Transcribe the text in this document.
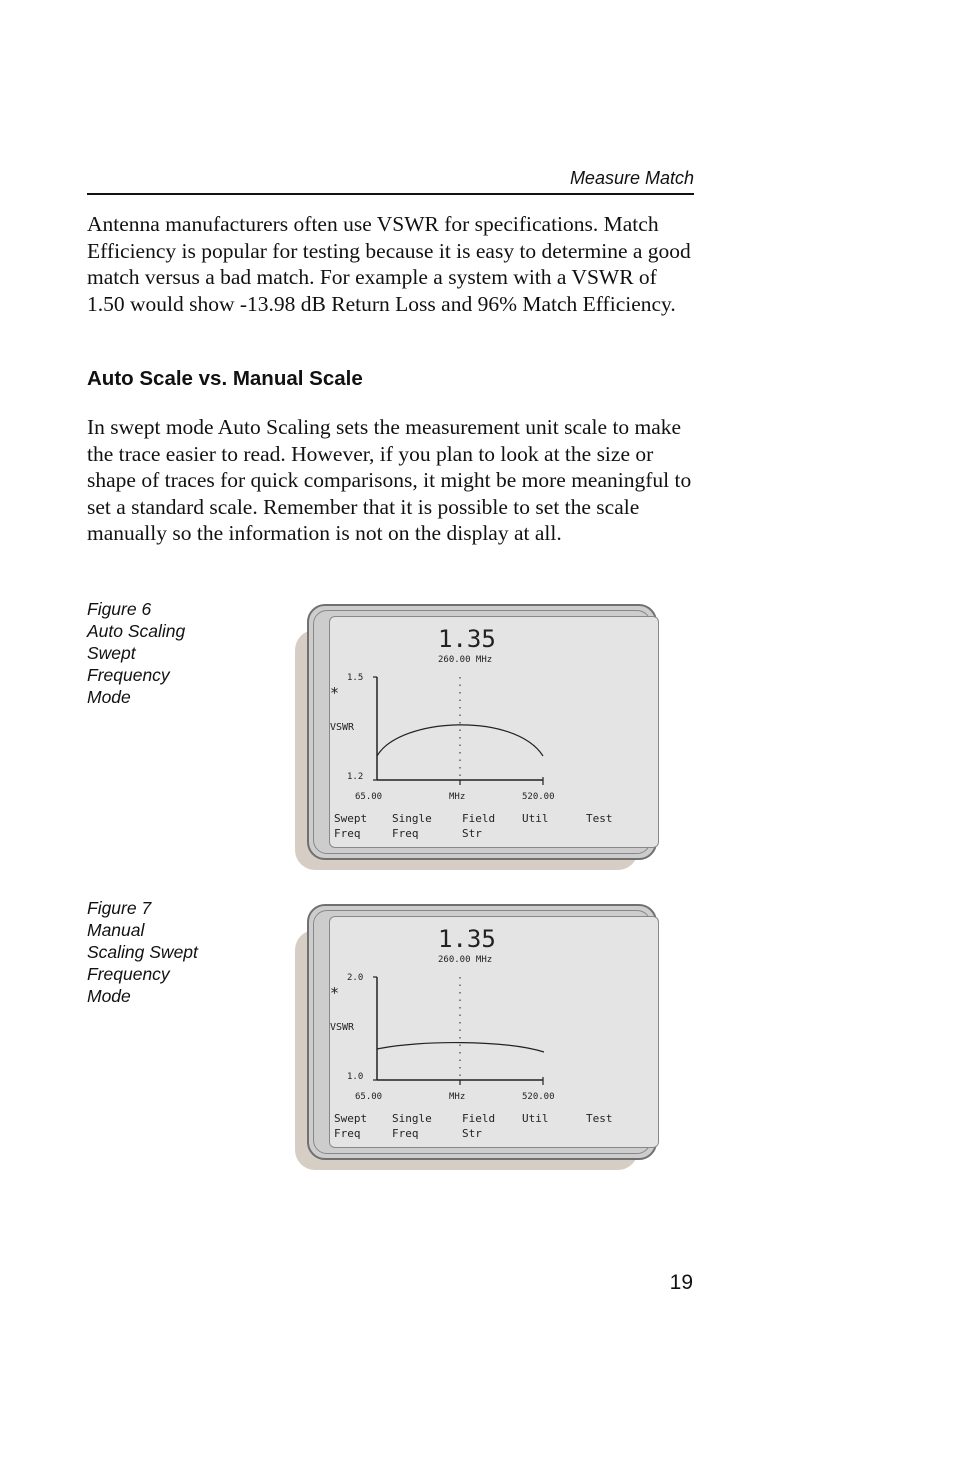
Measure Match

Antenna manufacturers often use VSWR for specifications. Match Efficiency is popular for testing because it is easy to determine a good match versus a bad match. For example a system with a VSWR of 1.50 would show -13.98 dB Return Loss and 96% Match Efficiency.

Auto Scale vs. Manual Scale

In swept mode Auto Scaling sets the measurement unit scale to make the trace easier to read. However, if you plan to look at the size or shape of traces for quick comparisons, it might be more meaningful to set a standard scale. Remember that it is possible to set the scale manually so the information is not on the display at all.

Figure 6
Auto Scaling
Swept
Frequency
Mode
1.35
260.00 MHz
*
VSWR
1.5
1.2
65.00	MHz	520.00
Swept
Freq
Single
Freq
Field
Str
Util	Test
Figure 7
Manual
Scaling Swept
Frequency
Mode
1.35
260.00 MHz
*
VSWR
2.0
1.0
65.00	MHz	520.00
Swept
Freq
Single
Freq
Field
Str
Util	Test
19
